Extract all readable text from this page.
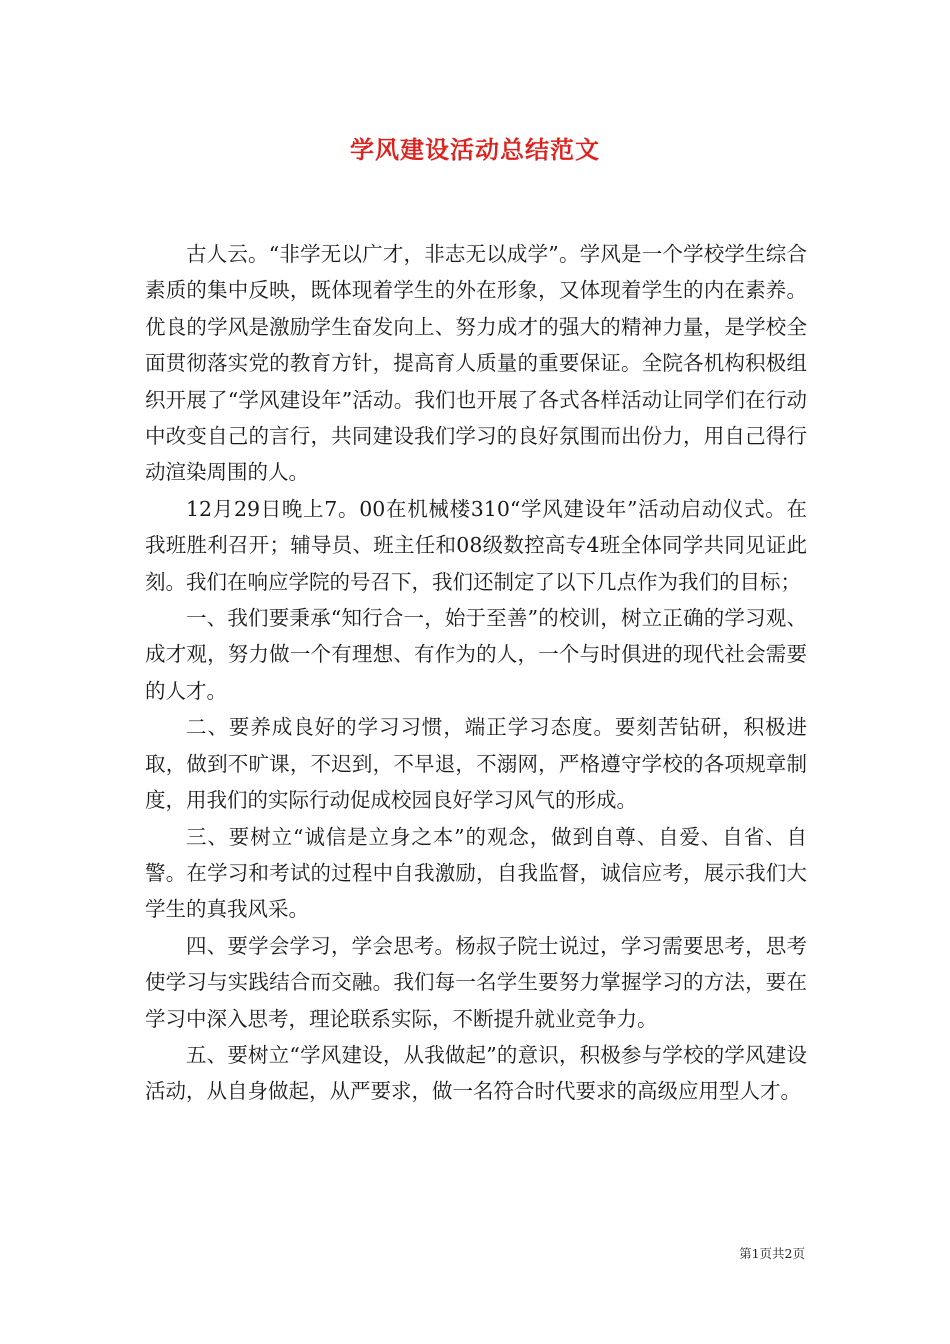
学风建设活动总结范文

古人云。“非学无以广才，非志无以成学”。学风是一个学校学生综合素质的集中反映，既体现着学生的外在形象，又体现着学生的内在素养。优良的学风是激励学生奋发向上、努力成才的强大的精神力量，是学校全面贯彻落实党的教育方针，提高育人质量的重要保证。全院各机构积极组织开展了“学风建设年”活动。我们也开展了各式各样活动让同学们在行动中改变自己的言行，共同建设我们学习的良好氛围而出份力，用自己得行动渲染周围的人。

12月29日晚上7。00在机械楼310“学风建设年”活动启动仪式。在我班胜利召开；辅导员、班主任和08级数控高专4班全体同学共同见证此刻。我们在响应学院的号召下，我们还制定了以下几点作为我们的目标；

一、我们要秉承“知行合一，始于至善”的校训，树立正确的学习观、成才观，努力做一个有理想、有作为的人，一个与时俱进的现代社会需要的人才。

二、要养成良好的学习习惯，端正学习态度。要刻苦钻研，积极进取，做到不旷课，不迟到，不早退，不溺网，严格遵守学校的各项规章制度，用我们的实际行动促成校园良好学习风气的形成。

三、要树立“诚信是立身之本”的观念，做到自尊、自爱、自省、自警。在学习和考试的过程中自我激励，自我监督，诚信应考，展示我们大学生的真我风采。

四、要学会学习，学会思考。杨叔子院士说过，学习需要思考，思考使学习与实践结合而交融。我们每一名学生要努力掌握学习的方法，要在学习中深入思考，理论联系实际，不断提升就业竞争力。

五、要树立“学风建设，从我做起”的意识，积极参与学校的学风建设活动，从自身做起，从严要求，做一名符合时代要求的高级应用型人才。

第1页共2页
